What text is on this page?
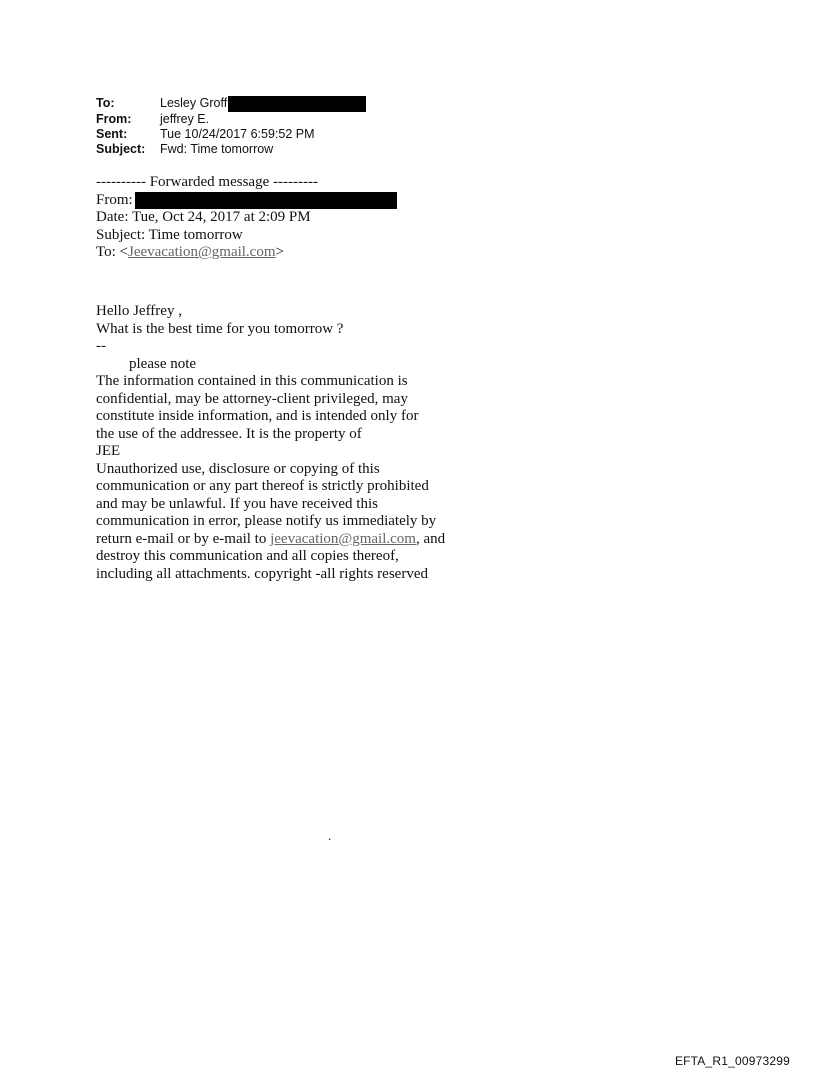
To:	Lesley Groff
From:	jeffrey E.
Sent:	Tue 10/24/2017 6:59:52 PM
Subject:	Fwd: Time tomorrow
---------- Forwarded message ---------
From:
Date: Tue, Oct 24, 2017 at 2:09 PM
Subject: Time tomorrow
To: <Jeevacation@gmail.com>
Hello Jeffrey ,
What is the best time for you tomorrow ?
--
please note
The information contained in this communication is
confidential, may be attorney-client privileged, may
constitute inside information, and is intended only for
the use of the addressee. It is the property of
JEE
Unauthorized use, disclosure or copying of this
communication or any part thereof is strictly prohibited
and may be unlawful. If you have received this
communication in error, please notify us immediately by
return e-mail or by e-mail to jeevacation@gmail.com, and
destroy this communication and all copies thereof,
including all attachments. copyright -all rights reserved
.
EFTA_R1_00973299
